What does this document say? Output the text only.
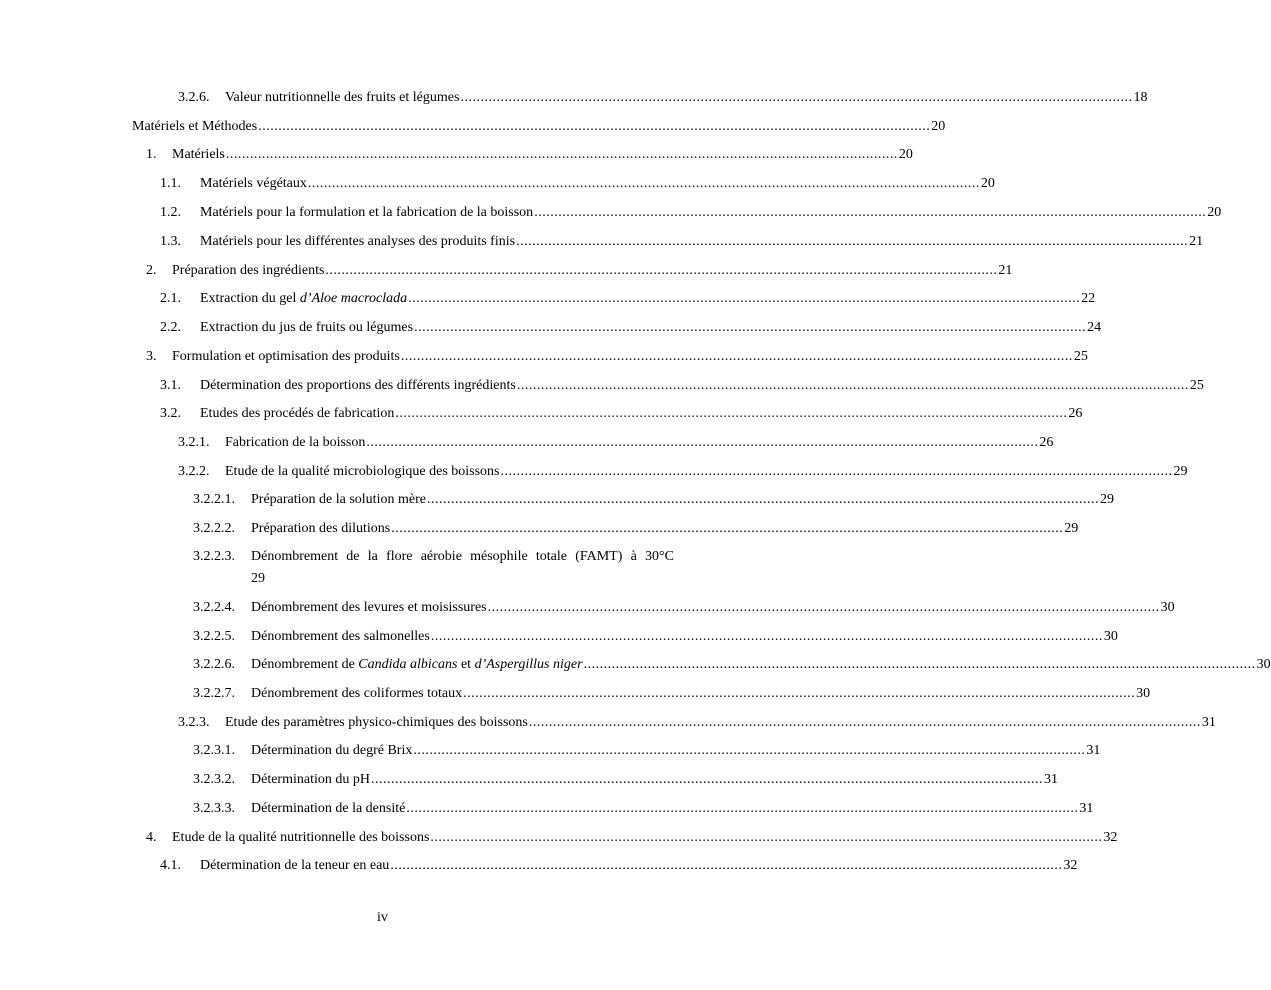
3.2.6. Valeur nutritionnelle des fruits et légumes ........................................................................................................................................................................ 18
Matériels et Méthodes ........................................................................................................................................................................ 20
1. Matériels ........................................................................................................................................................................ 20
1.1. Matériels végétaux ........................................................................................................................................................................ 20
1.2. Matériels pour la formulation et la fabrication de la boisson ........................................................................................................................................................................ 20
1.3. Matériels pour les différentes analyses des produits finis ........................................................................................................................................................................ 21
2. Préparation des ingrédients ........................................................................................................................................................................ 21
2.1. Extraction du gel d’Aloe macroclada ........................................................................................................................................................................ 22
2.2. Extraction du jus de fruits ou légumes ........................................................................................................................................................................ 24
3. Formulation et optimisation des produits ........................................................................................................................................................................ 25
3.1. Détermination des proportions des différents ingrédients ........................................................................................................................................................................ 25
3.2. Etudes des procédés de fabrication ........................................................................................................................................................................ 26
3.2.1. Fabrication de la boisson ........................................................................................................................................................................ 26
3.2.2. Etude de la qualité microbiologique des boissons ........................................................................................................................................................................ 29
3.2.2.1. Préparation de la solution mère ........................................................................................................................................................................ 29
3.2.2.2. Préparation des dilutions ........................................................................................................................................................................ 29
3.2.2.3. Dénombrement de la flore aérobie mésophile totale (FAMT) à 30°C
29
3.2.2.4. Dénombrement des levures et moisissures ........................................................................................................................................................................ 30
3.2.2.5. Dénombrement des salmonelles ........................................................................................................................................................................ 30
3.2.2.6. Dénombrement de Candida albicans et d’Aspergillus niger ........................................................................................................................................................................ 30
3.2.2.7. Dénombrement des coliformes totaux ........................................................................................................................................................................ 30
3.2.3. Etude des paramètres physico-chimiques des boissons ........................................................................................................................................................................ 31
3.2.3.1. Détermination du degré Brix ........................................................................................................................................................................ 31
3.2.3.2. Détermination du pH ........................................................................................................................................................................ 31
3.2.3.3. Détermination de la densité ........................................................................................................................................................................ 31
4. Etude de la qualité nutritionnelle des boissons ........................................................................................................................................................................ 32
4.1. Détermination de la teneur en eau ........................................................................................................................................................................ 32
iv
